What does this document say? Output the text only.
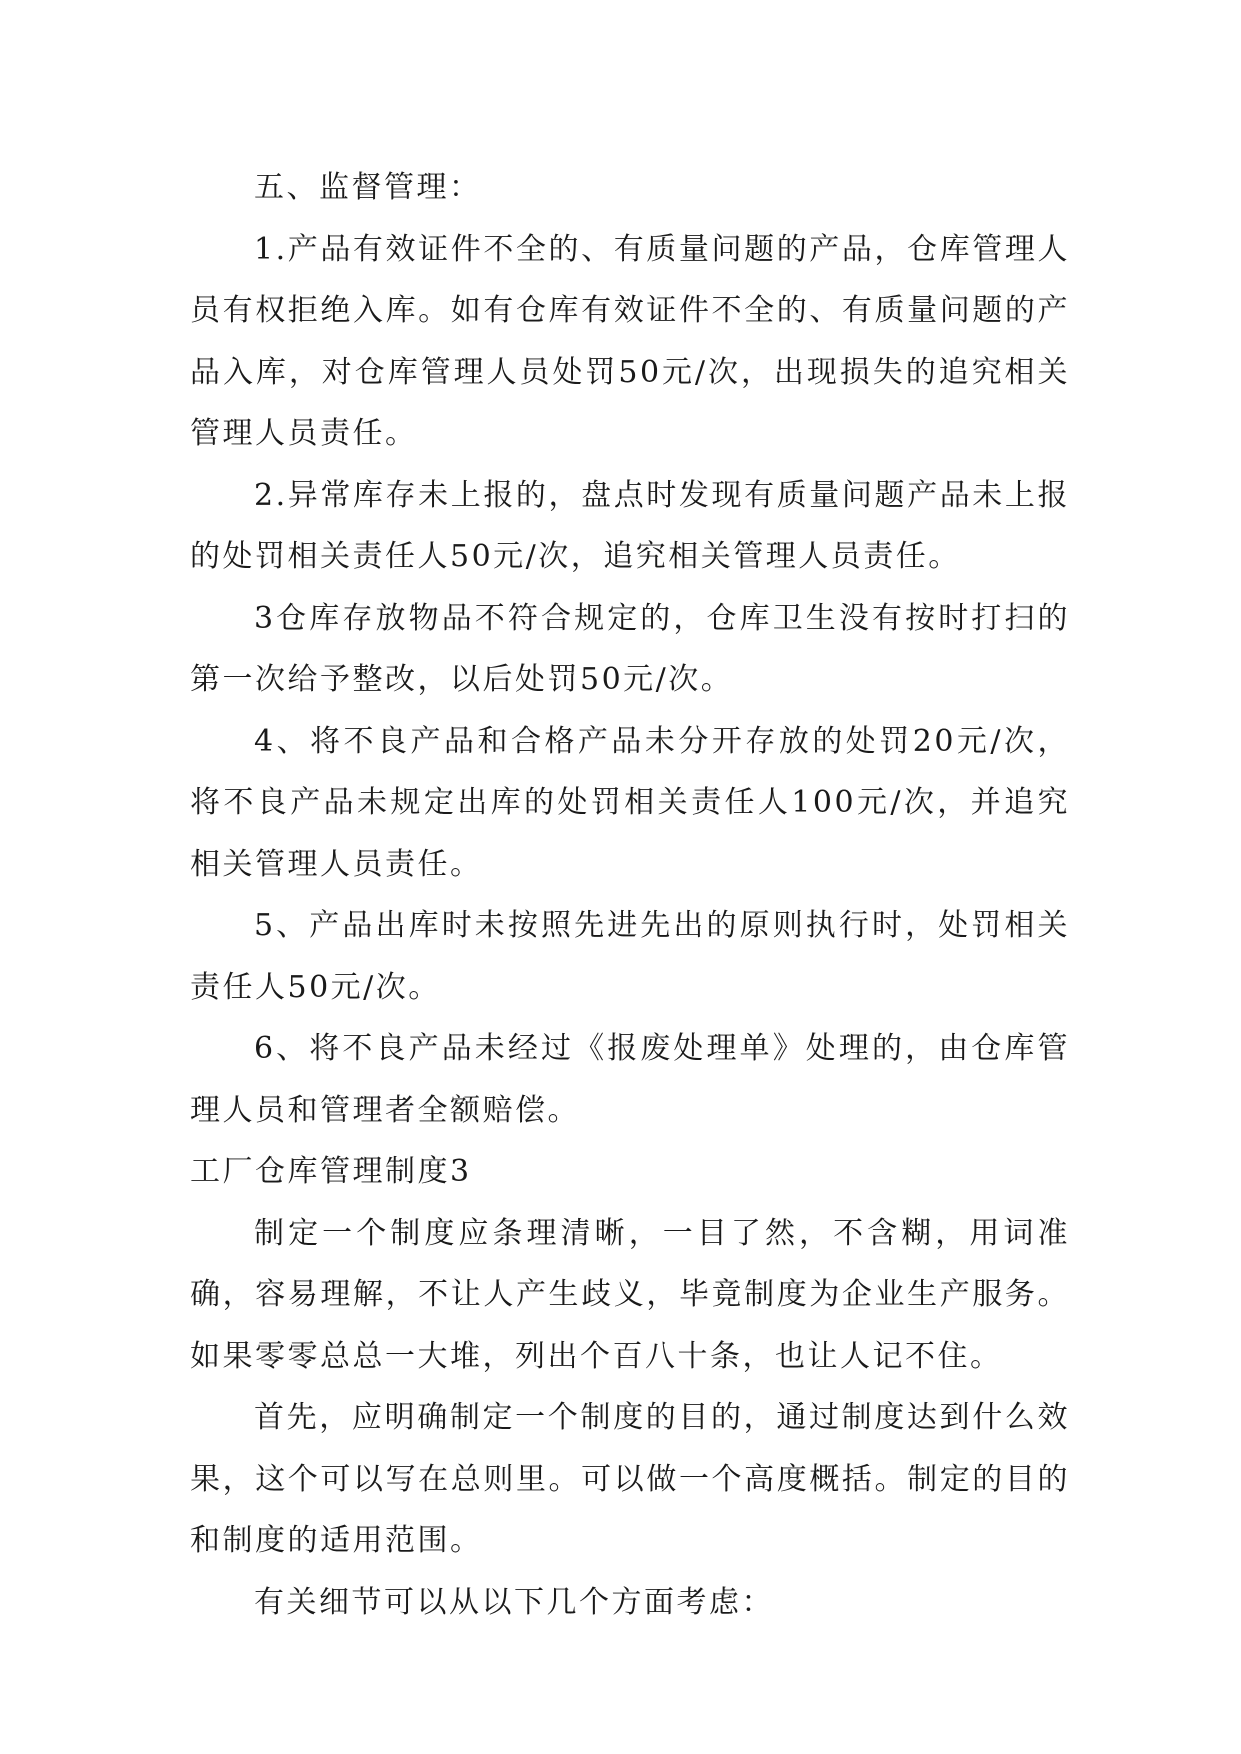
五、监督管理：

1.产品有效证件不全的、有质量问题的产品，仓库管理人员有权拒绝入库。如有仓库有效证件不全的、有质量问题的产品入库，对仓库管理人员处罚50元/次，出现损失的追究相关管理人员责任。

2.异常库存未上报的，盘点时发现有质量问题产品未上报的处罚相关责任人50元/次，追究相关管理人员责任。

3仓库存放物品不符合规定的，仓库卫生没有按时打扫的第一次给予整改，以后处罚50元/次。

4、将不良产品和合格产品未分开存放的处罚20元/次，将不良产品未规定出库的处罚相关责任人100元/次，并追究相关管理人员责任。

5、产品出库时未按照先进先出的原则执行时，处罚相关责任人50元/次。

6、将不良产品未经过《报废处理单》处理的，由仓库管理人员和管理者全额赔偿。

工厂仓库管理制度3

制定一个制度应条理清晰，一目了然，不含糊，用词准确，容易理解，不让人产生歧义，毕竟制度为企业生产服务。如果零零总总一大堆，列出个百八十条，也让人记不住。

首先，应明确制定一个制度的目的，通过制度达到什么效果，这个可以写在总则里。可以做一个高度概括。制定的目的和制度的适用范围。

有关细节可以从以下几个方面考虑：
